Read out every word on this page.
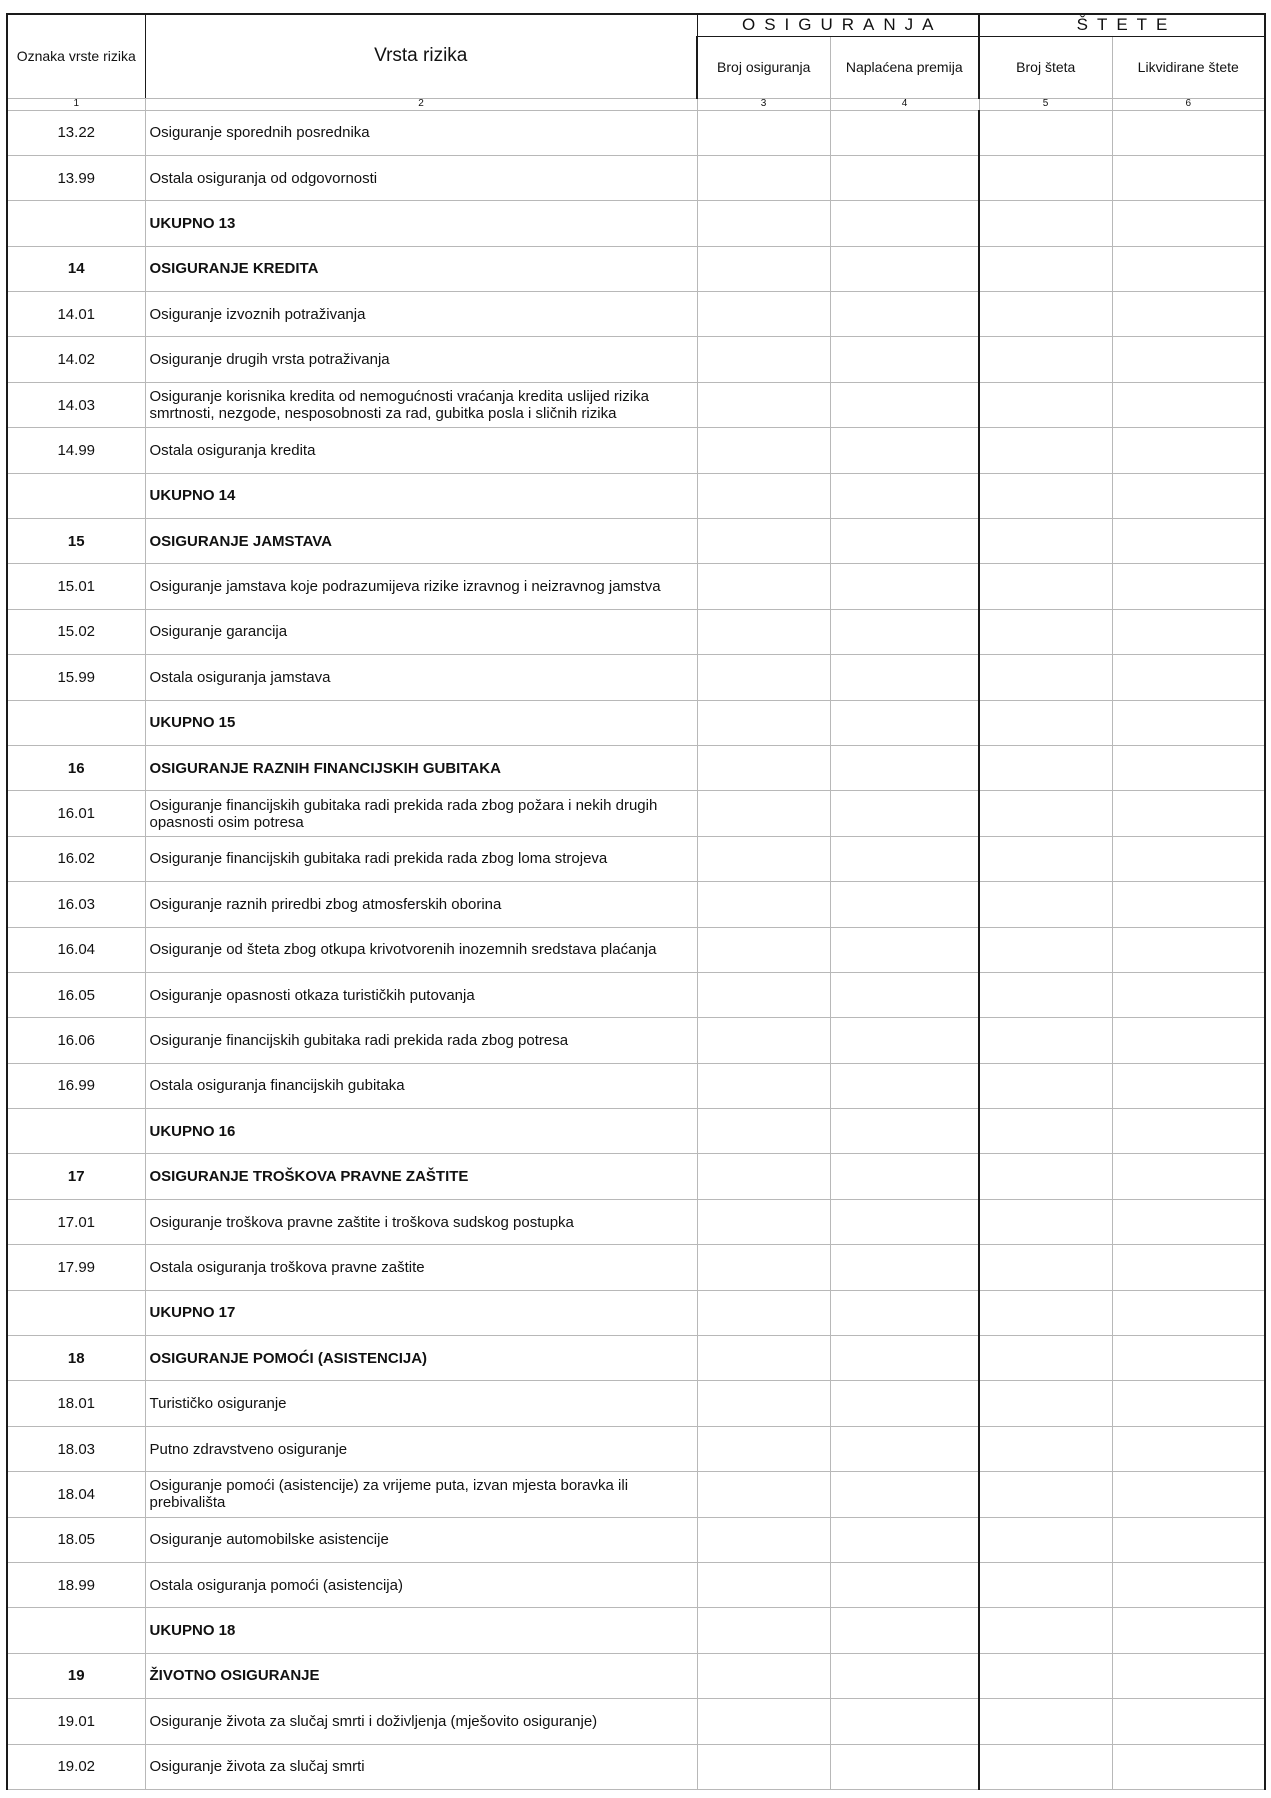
Oznaka vrste rizika	Vrsta rizika	OSIGURANJA		ŠTETE	
		Broj osiguranja	Naplaćena premija	Broj šteta	Likvidirane štete
1	2	3	4	5	6
13.22	Osiguranje sporednih posrednika				
13.99	Ostala osiguranja od odgovornosti				
	UKUPNO 13				
14	OSIGURANJE KREDITA				
14.01	Osiguranje izvoznih potraživanja				
14.02	Osiguranje drugih vrsta potraživanja				
14.03	Osiguranje korisnika kredita od nemogućnosti vraćanja kredita uslijed rizika smrtnosti, nezgode, nesposobnosti za rad, gubitka posla i sličnih rizika				
14.99	Ostala osiguranja kredita				
	UKUPNO 14				
15	OSIGURANJE JAMSTAVA				
15.01	Osiguranje jamstava koje podrazumijeva rizike izravnog i neizravnog jamstva				
15.02	Osiguranje garancija				
15.99	Ostala osiguranja jamstava				
	UKUPNO 15				
16	OSIGURANJE RAZNIH FINANCIJSKIH GUBITAKA				
16.01	Osiguranje financijskih gubitaka radi prekida rada zbog požara i nekih drugih opasnosti osim potresa				
16.02	Osiguranje financijskih gubitaka radi prekida rada zbog loma strojeva				
16.03	Osiguranje raznih priredbi zbog atmosferskih oborina				
16.04	Osiguranje od šteta zbog otkupa krivotvorenih inozemnih sredstava plaćanja				
16.05	Osiguranje opasnosti otkaza turističkih putovanja				
16.06	Osiguranje financijskih gubitaka radi prekida rada zbog potresa				
16.99	Ostala osiguranja financijskih gubitaka				
	UKUPNO 16				
17	OSIGURANJE TROŠKOVA PRAVNE ZAŠTITE				
17.01	Osiguranje troškova pravne zaštite i troškova sudskog postupka				
17.99	Ostala osiguranja troškova pravne zaštite				
	UKUPNO 17				
18	OSIGURANJE POMOĆI (ASISTENCIJA)				
18.01	Turističko osiguranje				
18.03	Putno zdravstveno osiguranje				
18.04	Osiguranje pomoći (asistencije) za vrijeme puta, izvan mjesta boravka ili prebivališta				
18.05	Osiguranje automobilske asistencije				
18.99	Ostala osiguranja pomoći (asistencija)				
	UKUPNO 18				
19	ŽIVOTNO OSIGURANJE				
19.01	Osiguranje života za slučaj smrti i doživljenja (mješovito osiguranje)				
19.02	Osiguranje života za slučaj smrti				
